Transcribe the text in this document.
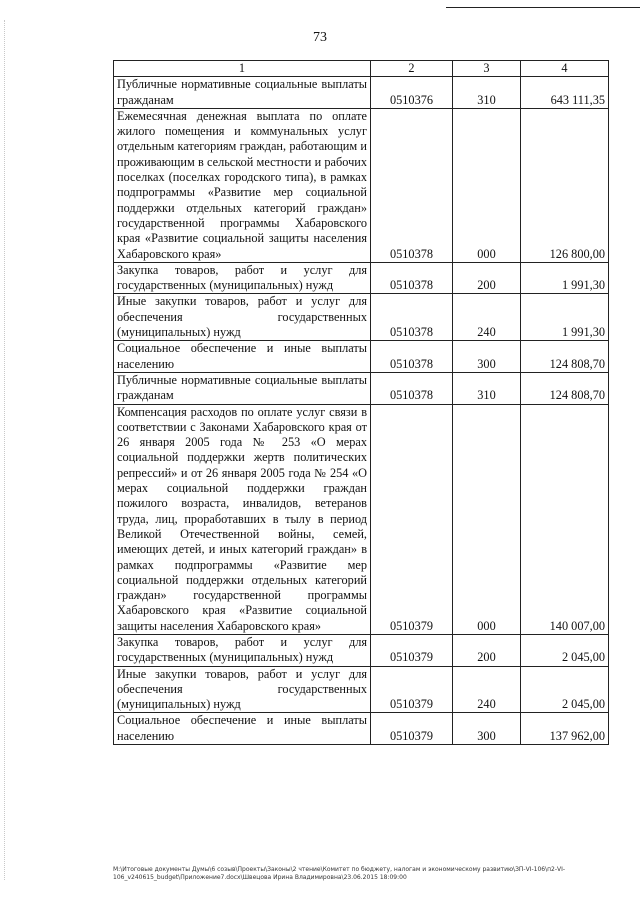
73
1	2	3	4
Публичные нормативные социальные выплаты гражданам	0510376	310	643 111,35
Ежемесячная денежная выплата по оплате жилого помещения и коммунальных услуг отдельным категориям граждан, работающим и проживающим в сельской местности и рабочих поселках (поселках городского типа), в рамках подпрограммы «Развитие мер социальной поддержки отдельных категорий граждан» государственной программы Хабаровского края «Развитие социальной защиты населения Хабаровского края»	0510378	000	126 800,00
Закупка товаров, работ и услуг для государственных (муниципальных) нужд	0510378	200	1 991,30
Иные закупки товаров, работ и услуг для обеспечения государственных (муниципальных) нужд	0510378	240	1 991,30
Социальное обеспечение и иные выплаты населению	0510378	300	124 808,70
Публичные нормативные социальные выплаты гражданам	0510378	310	124 808,70
Компенсация расходов по оплате услуг связи в соответствии с Законами Хабаровского края от 26 января 2005 года № 253 «О мерах социальной поддержки жертв политических репрессий» и от 26 января 2005 года № 254 «О мерах социальной поддержки граждан пожилого возраста, инвалидов, ветеранов труда, лиц, проработавших в тылу в период Великой Отечественной войны, семей, имеющих детей, и иных категорий граждан» в рамках подпрограммы «Развитие мер социальной поддержки отдельных категорий граждан» государственной программы Хабаровского края «Развитие социальной защиты населения Хабаровского края»	0510379	000	140 007,00
Закупка товаров, работ и услуг для государственных (муниципальных) нужд	0510379	200	2 045,00
Иные закупки товаров, работ и услуг для обеспечения государственных (муниципальных) нужд	0510379	240	2 045,00
Социальное обеспечение и иные выплаты населению	0510379	300	137 962,00
М:\Итоговые документы Думы\6 созыв\Проекты\Законы\2 чтение\Комитет по бюджету, налогам и экономическому развитию\ЗП-VI-106\п2-VI-106_v240615_budget\Приложение7.docx\Швецова Ирина Владимировна\23.06.2015 18:09:00
